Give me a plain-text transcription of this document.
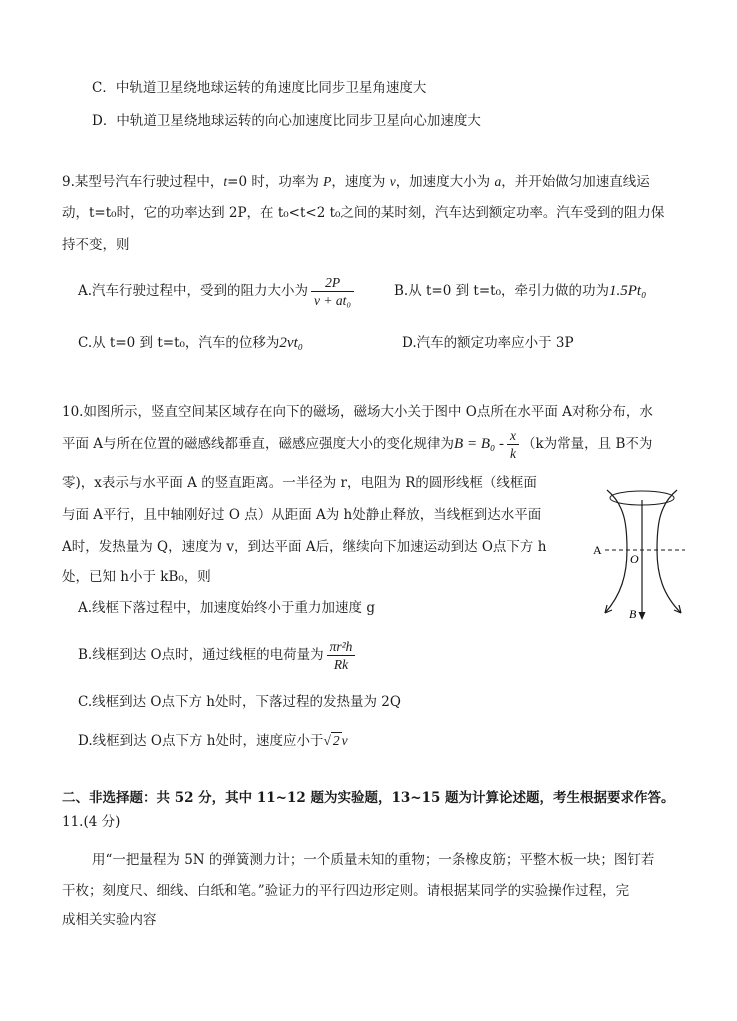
C．中轨道卫星绕地球运转的角速度比同步卫星角速度大
D．中轨道卫星绕地球运转的向心加速度比同步卫星向心加速度大
9.某型号汽车行驶过程中，t=0 时，功率为 P，速度为 v，加速度大小为 a，并开始做匀加速直线运
动，t=t₀时，它的功率达到 2P，在 t₀<t<2 t₀之间的某时刻，汽车达到额定功率。汽车受到的阻力保
持不变，则
A.汽车行驶过程中，受到的阻力大小为 $\frac{2P}{\text{v + at₀}}$	B.从 t=0 到 t=t₀，牵引力做的功为1.5Pt₀
C.从 t=0 到 t=t₀，汽车的位移为2vt₀	D.汽车的额定功率应小于 3P
10.如图所示，竖直空间某区域存在向下的磁场，磁场大小关于图中 O点所在水平面 A对称分布，水
平面 A与所在位置的磁感线都垂直，磁感应强度大小的变化规律为$B = B_0 - \frac{x}{k} (k$为常量，且 B不为
零)，x表示与水平面 A 的竖直距离。一半径为 r，电阻为 R的圆形线框（线框面
与面 A平行，且中轴刚好过 O 点）从距面 A为 h处静止释放，当线框到达水平面
A时，发热量为 Q，速度为 v，到达平面 A后，继续向下加速运动到达 O点下方 h
处，已知 h小于 kB₀，则
A.线框下落过程中，加速度始终小于重力加速度 g
B.线框到达 O点时，通过线框的电荷量为 $\frac{\text{πr²h}}{Rk}$
C.线框到达 O点下方 h处时，下落过程的发热量为 2Q
D.线框到达 O点下方 h处时，速度应小于√ 2 v
A
O
B
二、非选择题：共 52 分，其中 11~12 题为实验题，13~15 题为计算论述题，考生根据要求作答。
11.(4 分)
用“一把量程为 5N 的弹簧测力计；一个质量未知的重物；一条橡皮筋；平整木板一块；图钉若
干枚；刻度尺、细线、白纸和笔。”验证力的平行四边形定则。请根据某同学的实验操作过程，完
成相关实验内容
